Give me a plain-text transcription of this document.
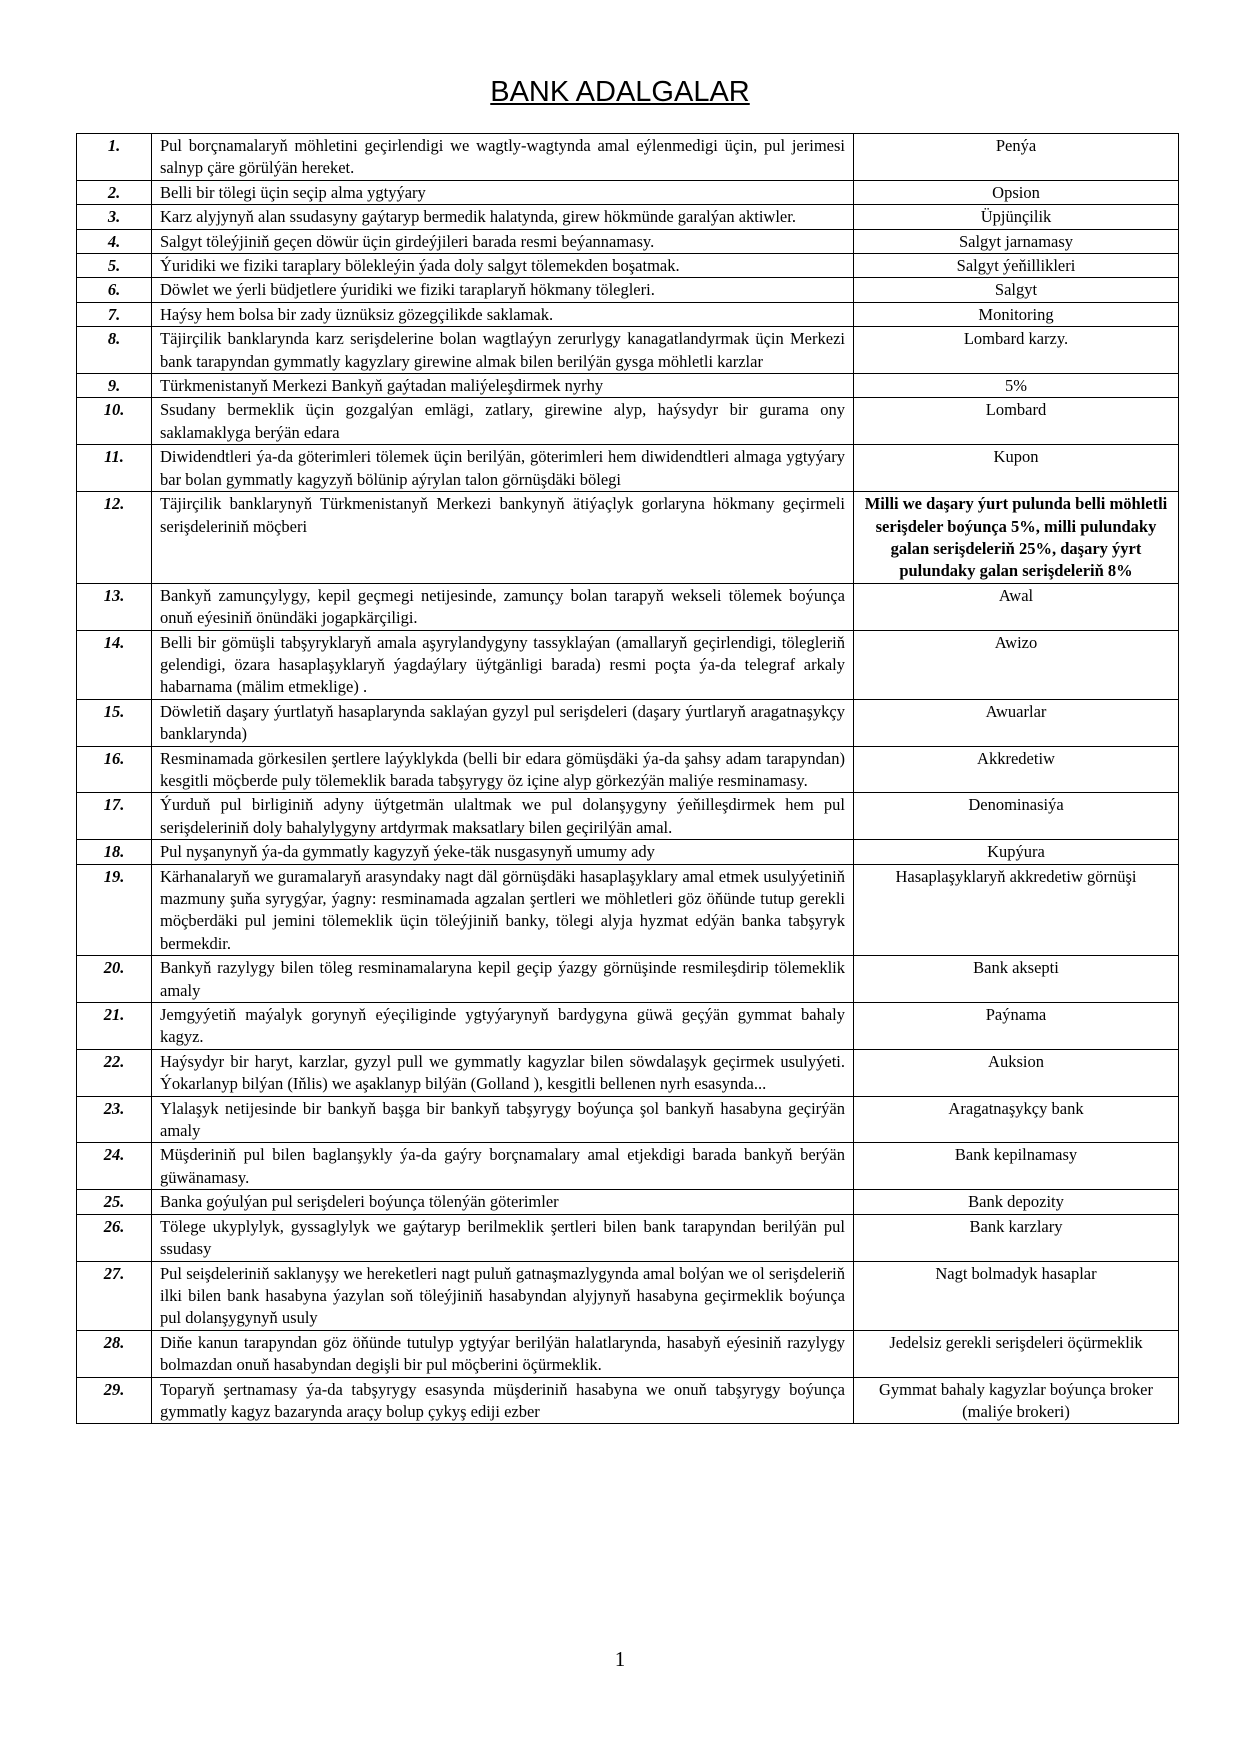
BANK ADALGALAR
1.	Pul borçnamalaryň möhletini geçirlendigi we wagtly-wagtynda amal eýlenmedigi üçin, pul jerimesi salnyp çäre görülýän hereket.	Penýa
2.	Belli bir tölegi üçin seçip alma ygtyýary	Opsion
3.	Karz alyjynyň alan ssudasyny gaýtaryp bermedik halatynda, girew hökmünde garalýan aktiwler.	Üpjünçilik
4.	Salgyt töleýjiniň geçen döwür üçin girdeýjileri barada resmi beýannamasy.	Salgyt jarnamasy
5.	Ýuridiki we fiziki taraplary bölekleýin ýada doly salgyt tölemekden boşatmak.	Salgyt ýeňillikleri
6.	Döwlet we ýerli büdjetlere ýuridiki we fiziki taraplaryň hökmany tölegleri.	Salgyt
7.	Haýsy hem bolsa bir zady üznüksiz gözegçilikde saklamak.	Monitoring
8.	Täjirçilik banklarynda karz serişdelerine bolan wagtlaýyn zerurlygy kanagatlandyrmak üçin Merkezi bank tarapyndan gymmatly kagyzlary girewine almak bilen berilýän gysga möhletli karzlar	Lombard karzy.
9.	Türkmenistanyň Merkezi Bankyň gaýtadan maliýeleşdirmek nyrhy	5%
10.	Ssudany bermeklik üçin gozgalýan emlägi, zatlary, girewine alyp, haýsydyr bir gurama ony saklamaklyga berýän edara	Lombard
11.	Diwidendtleri ýa-da göterimleri tölemek üçin berilýän, göterimleri hem diwidendtleri almaga ygtyýary bar bolan gymmatly kagyzyň bölünip aýrylan talon görnüşdäki bölegi	Kupon
12.	Täjirçilik banklarynyň Türkmenistanyň Merkezi bankynyň ätiýaçlyk gorlaryna hökmany geçirmeli serişdeleriniň möçberi	Milli we daşary ýurt pulunda belli möhletli serişdeler boýunça 5%, milli pulundaky galan serişdeleriň 25%, daşary ýyrt pulundaky galan serişdeleriň 8%
13.	Bankyň zamunçylygy, kepil geçmegi netijesinde, zamunçy bolan tarapyň wekseli tölemek boýunça onuň eýesiniň önündäki jogapkärçiligi.	Awal
14.	Belli bir gömüşli tabşyryklaryň amala aşyrylandygyny tassyklaýan (amallaryň geçirlendigi, tölegleriň gelendigi, özara hasaplaşyklaryň ýagdaýlary üýtgänligi barada) resmi poçta ýa-da telegraf arkaly habarnama (mälim etmeklige) .	Awizo
15.	Döwletiň daşary ýurtlatyň hasaplarynda saklaýan gyzyl pul serişdeleri (daşary ýurtlaryň aragatnaşykçy banklarynda)	Awuarlar
16.	Resminamada görkesilen şertlere laýyklykda (belli bir edara gömüşdäki ýa-da şahsy adam tarapyndan) kesgitli möçberde puly tölemeklik barada tabşyrygy öz içine alyp görkezýän maliýe resminamasy.	Akkredetiw
17.	Ýurduň pul birliginiň adyny üýtgetmän ulaltmak we pul dolanşygyny ýeňilleşdirmek hem pul serişdeleriniň doly bahalylygyny artdyrmak maksatlary bilen geçirilýän amal.	Denominasiýa
18.	Pul nyşanynyň ýa-da gymmatly kagyzyň ýeke-täk nusgasynyň umumy ady	Kupýura
19.	Kärhanalaryň we guramalaryň arasyndaky nagt däl görnüşdäki hasaplaşyklary amal etmek usulyýetiniň mazmuny şuňa syrygýar, ýagny: resminamada agzalan şertleri we möhletleri göz öňünde tutup gerekli möçberdäki pul jemini tölemeklik üçin töleýjiniň banky, tölegi alyja hyzmat edýän banka tabşyryk bermekdir.	Hasaplaşyklaryň akkredetiw görnüşi
20.	Bankyň razylygy bilen töleg resminamalaryna kepil geçip ýazgy görnüşinde resmileşdirip tölemeklik amaly	Bank aksepti
21.	Jemgyýetiň maýalyk gorynyň eýeçiliginde ygtyýarynyň bardygyna güwä geçýän gymmat bahaly kagyz.	Paýnama
22.	Haýsydyr bir haryt, karzlar, gyzyl pull we gymmatly kagyzlar bilen söwdalaşyk geçirmek usulyýeti. Ýokarlanyp bilýan (Iňlis) we aşaklanyp bilýän (Golland ), kesgitli bellenen nyrh esasynda...	Auksion
23.	Ylalaşyk netijesinde bir bankyň başga bir bankyň tabşyrygy boýunça şol bankyň hasabyna geçirýän amaly	Aragatnaşykçy bank
24.	Müşderiniň pul bilen baglanşykly ýa-da gaýry borçnamalary amal etjekdigi barada bankyň berýän güwänamasy.	Bank kepilnamasy
25.	Banka goýulýan pul serişdeleri boýunça tölenýän göterimler	Bank depozity
26.	Tölege ukyplylyk, gyssaglylyk we gaýtaryp berilmeklik şertleri bilen bank tarapyndan berilýän pul ssudasy	Bank karzlary
27.	Pul seişdeleriniň saklanyşy we hereketleri nagt puluň gatnaşmazlygynda amal bolýan we ol serişdeleriň ilki bilen bank hasabyna ýazylan soň töleýjiniň hasabyndan alyjynyň hasabyna geçirmeklik boýunça pul dolanşygynyň usuly	Nagt bolmadyk hasaplar
28.	Diňe kanun tarapyndan göz öňünde tutulyp ygtyýar berilýän halatlarynda, hasabyň eýesiniň razylygy bolmazdan onuň hasabyndan degişli bir pul möçberini öçürmeklik.	Jedelsiz gerekli serişdeleri öçürmeklik
29.	Toparyň şertnamasy ýa-da tabşyrygy esasynda müşderiniň hasabyna we onuň tabşyrygy boýunça gymmatly kagyz bazarynda araçy bolup çykyş ediji ezber	Gymmat bahaly kagyzlar boýunça broker (maliýe brokeri)
1
